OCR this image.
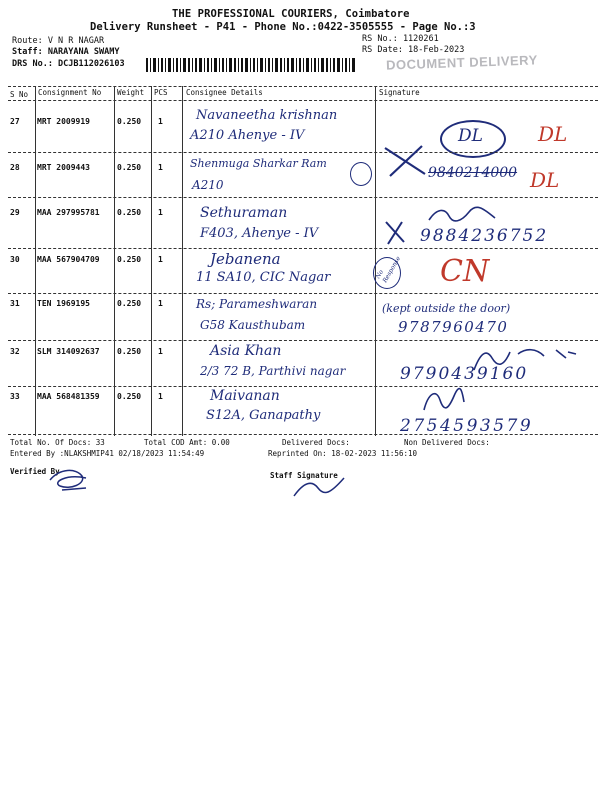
THE PROFESSIONAL COURIERS, Coimbatore
Delivery Runsheet - P41 - Phone No.:0422-3505555 - Page No.:3
Route: V N R NAGAR
Staff: NARAYANA SWAMY
DRS No.: DCJB112026103
RS No.: 1120261
RS Date: 18-Feb-2023
DOCUMENT DELIVERY
S No Consignment No Weight PCS Consignee Details	Signature
27 MRT 2009919	0.250 1	Navaneetha krishnan
A210 Ahenye - IV	DL	DL
28 MRT 2009443	0.250 1 Shenmuga Sharkar Ram
A210
9840214000 DL
29 MAA 297995781 0.250 1	Sethuraman
F403, Ahenye - IV	9884236752
30 MAA 567904709 0.250 1	Jebanena
11 SA10, CIC Nagar	No Response CN
31 TEN 1969195	0.250 1	Rs; Parameshwaran
G58 Kausthubam
(kept outside the door)
9787960470
32 SLM 314092637 0.250 1	Asia Khan
2/3 72 B, Parthivi nagar	9790439160
33 MAA 568481359 0.250 1	Maivanan
S12A, Ganapathy
2754593579
Total No. Of Docs: 33	Total COD Amt: 0.00	Delivered Docs:	Non Delivered Docs:
Entered By :NLAKSHMIP41 02/18/2023 11:54:49	Reprinted On: 18-02-2023 11:56:10
Verified By	Staff Signature
